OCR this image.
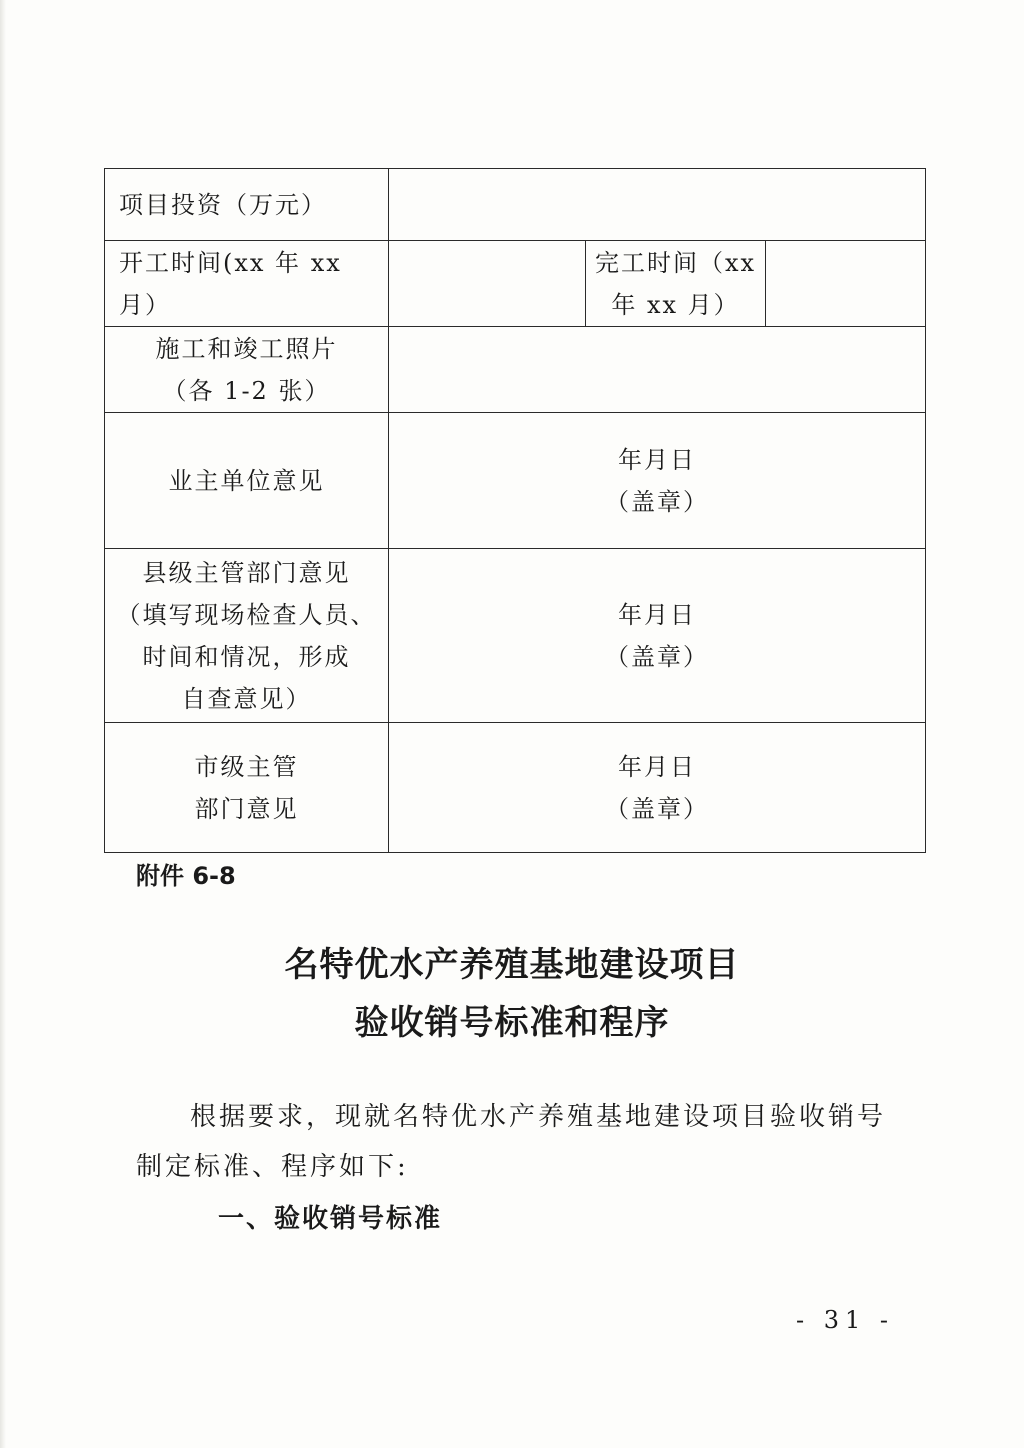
项目投资（万元）			
开工时间(xx 年 xx 月）		完工时间（xx
年 xx 月）	

施工和竣工照片
（各 1-2 张）			

业主单位意见	年月日
（盖章）		

县级主管部门意见
（填写现场检查人员、
时间和情况，形成
自查意见）	年月日
（盖章）		

市级主管
部门意见	年月日
（盖章）		
附件 6-8
名特优水产养殖基地建设项目
验收销号标准和程序
根据要求，现就名特优水产养殖基地建设项目验收销号制定标准、程序如下:
一、验收销号标准
- 31 -
